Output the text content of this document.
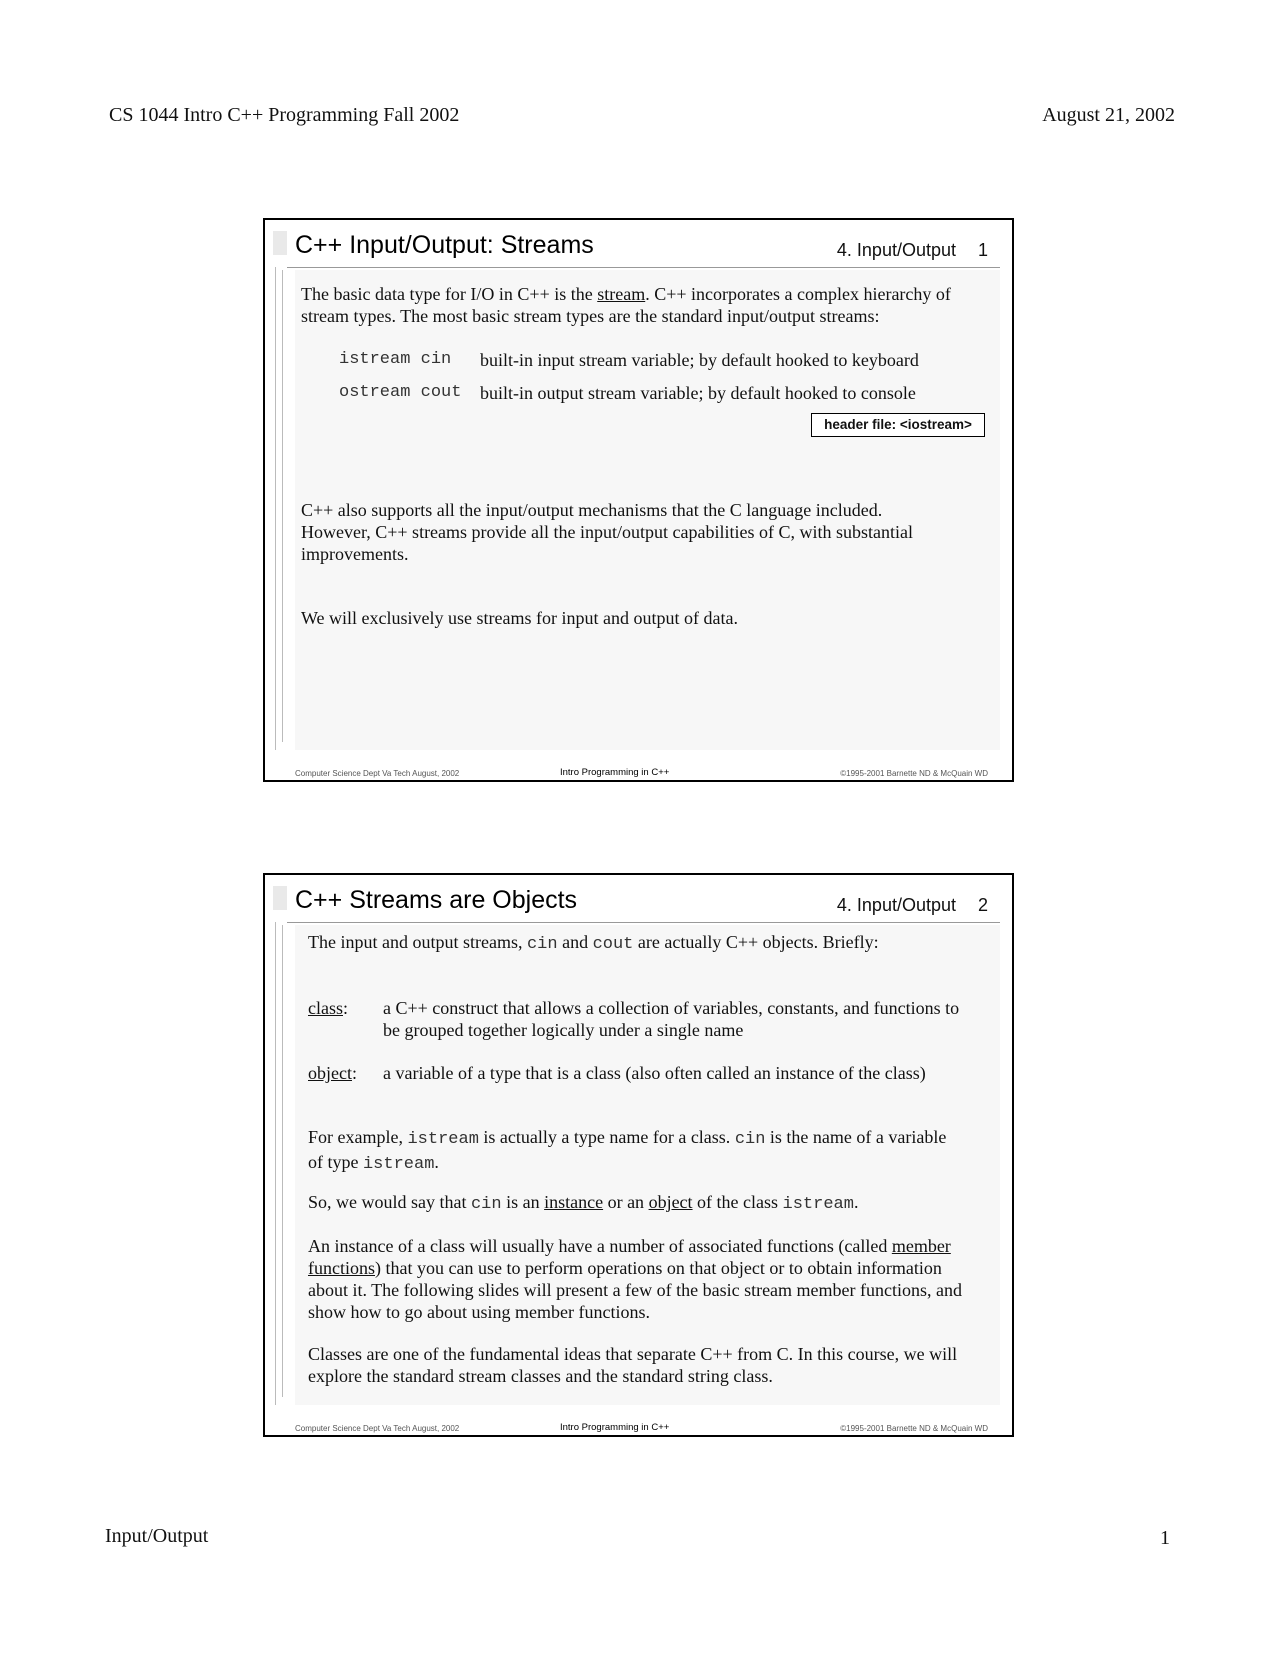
CS 1044 Intro C++ Programming Fall 2002	August 21, 2002
C++ Input/Output: Streams	4. Input/Output 1
The basic data type for I/O in C++ is the stream. C++ incorporates a complex hierarchy of stream types. The most basic stream types are the standard input/output streams:
istream cin built-in input stream variable; by default hooked to keyboard
ostream cout built-in output stream variable; by default hooked to console
header file: <iostream>
C++ also supports all the input/output mechanisms that the C language included. However, C++ streams provide all the input/output capabilities of C, with substantial improvements.
We will exclusively use streams for input and output of data.
Computer Science Dept Va Tech August, 2002	Intro Programming in C++	©1995-2001 Barnette ND & McQuain WD
C++ Streams are Objects	4. Input/Output 2
The input and output streams, cin and cout are actually C++ objects. Briefly:
class: a C++ construct that allows a collection of variables, constants, and functions to be grouped together logically under a single name
object: a variable of a type that is a class (also often called an instance of the class)
For example, istream is actually a type name for a class. cin is the name of a variable of type istream.
So, we would say that cin is an instance or an object of the class istream.
An instance of a class will usually have a number of associated functions (called member functions) that you can use to perform operations on that object or to obtain information about it. The following slides will present a few of the basic stream member functions, and show how to go about using member functions.
Classes are one of the fundamental ideas that separate C++ from C. In this course, we will explore the standard stream classes and the standard string class.
Computer Science Dept Va Tech August, 2002	Intro Programming in C++	©1995-2001 Barnette ND & McQuain WD
Input/Output	1
